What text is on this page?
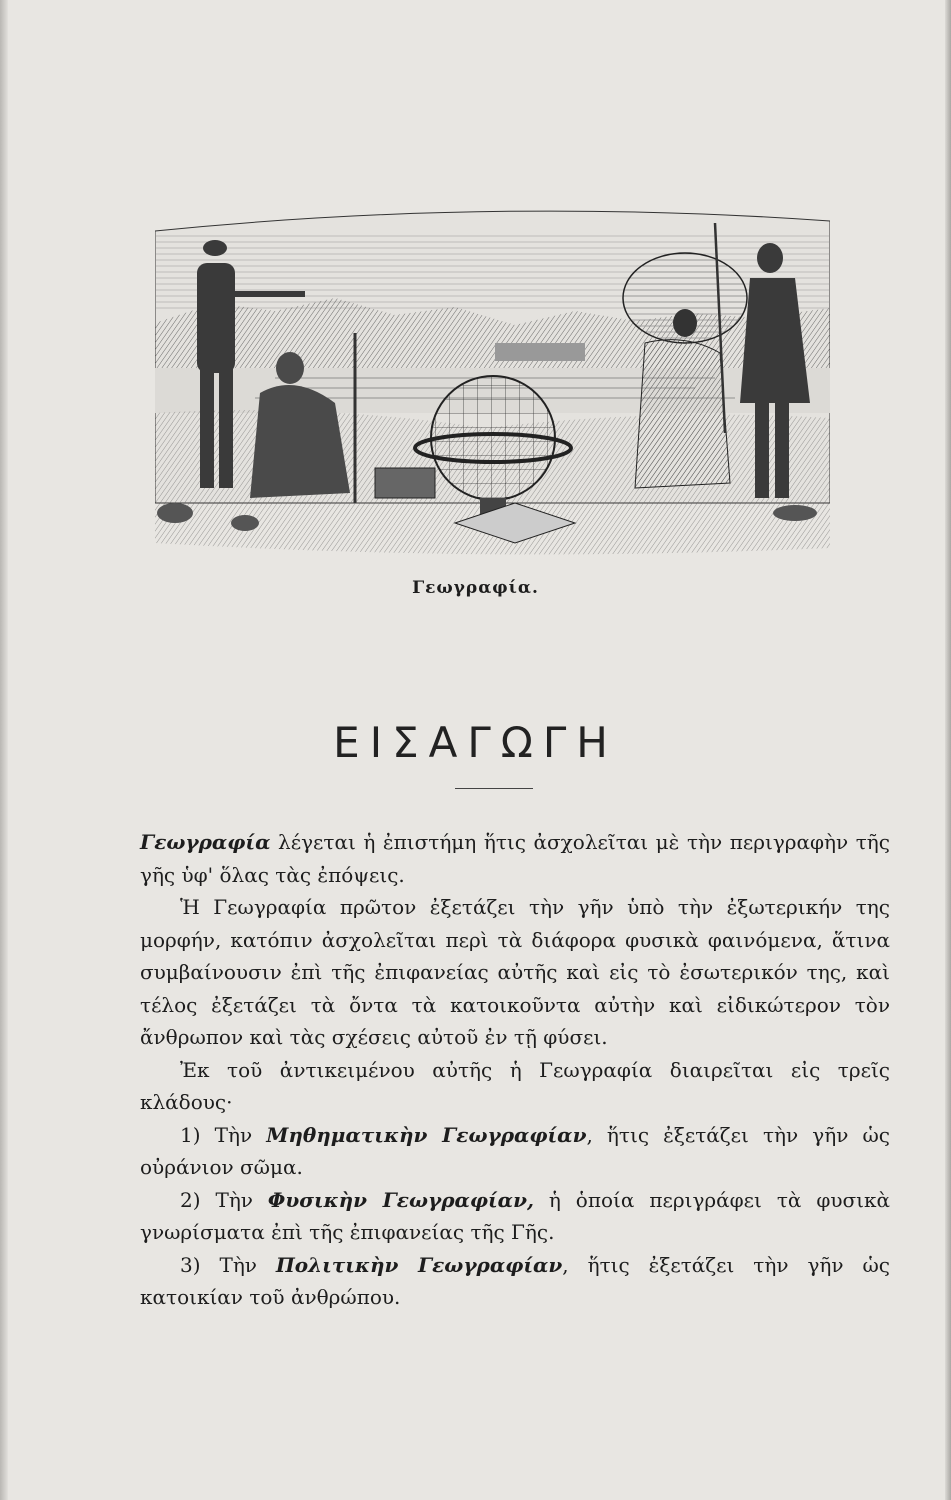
Γεωγραφία.
ΕΙΣΑΓΩΓΗ

Γεωγραφία λέγεται ἡ ἐπιστήμη ἥτις ἀσχολεῖται μὲ τὴν περιγραφὴν τῆς γῆς ὑφ' ὅλας τὰς ἐπόψεις.

Ἡ Γεωγραφία πρῶτον ἐξετάζει τὴν γῆν ὑπὸ τὴν ἐξωτερικήν της μορφήν, κατόπιν ἀσχολεῖται περὶ τὰ διάφορα φυσικὰ φαινόμενα, ἅτινα συμβαίνουσιν ἐπὶ τῆς ἐπιφανείας αὐτῆς καὶ εἰς τὸ ἐσωτερικόν της, καὶ τέλος ἐξετάζει τὰ ὄντα τὰ κατοικοῦντα αὐτὴν καὶ εἰδικώτερον τὸν ἄνθρωπον καὶ τὰς σχέσεις αὐτοῦ ἐν τῇ φύσει.

Ἐκ τοῦ ἀντικειμένου αὐτῆς ἡ Γεωγραφία διαιρεῖται εἰς τρεῖς κλάδους·

1) Τὴν Μηθηματικὴν Γεωγραφίαν, ἥτις ἐξετάζει τὴν γῆν ὡς οὐράνιον σῶμα.

2) Τὴν Φυσικὴν Γεωγραφίαν, ἡ ὁποία περιγράφει τὰ φυσικὰ γνωρίσματα ἐπὶ τῆς ἐπιφανείας τῆς Γῆς.

3) Τὴν Πολιτικὴν Γεωγραφίαν, ἥτις ἐξετάζει τὴν γῆν ὡς κατοικίαν τοῦ ἀνθρώπου.
